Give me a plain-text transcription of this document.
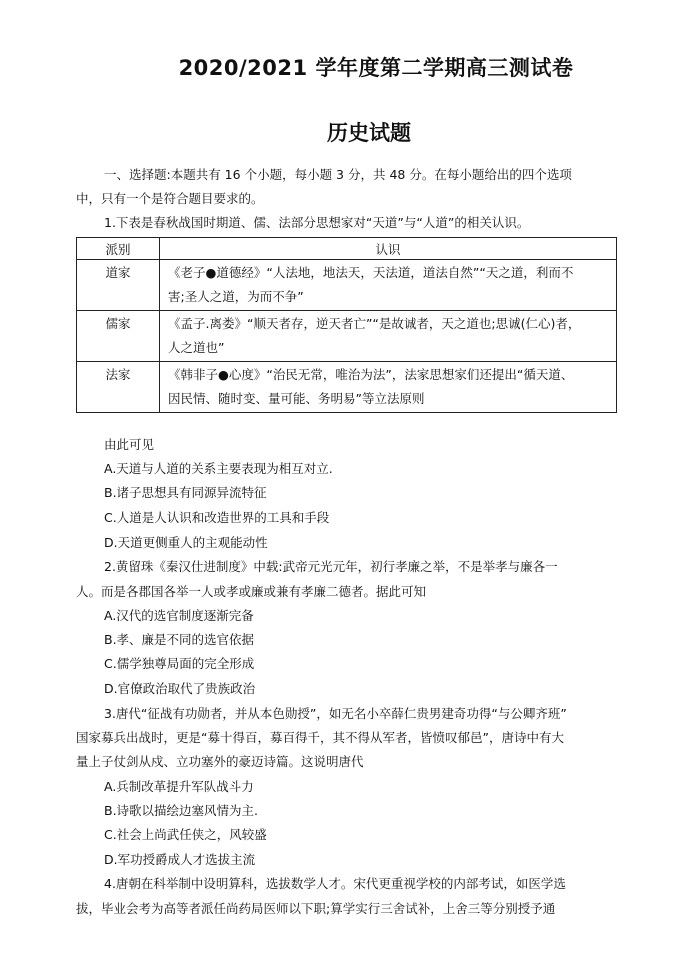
2020/2021 学年度第二学期高三测试卷
历史试题
一、选择题:本题共有 16 个小题，每小题 3 分，共 48 分。在每小题给出的四个选项
中，只有一个是符合题目要求的。
1.下表是春秋战国时期道、儒、法部分思想家对“天道”与“人道”的相关认识。
派别	认识
道家	《老子●道德经》“人法地，地法天，天法道，道法自然”“天之道，利而不
害;圣人之道，为而不争”

儒家	《孟子.离娄》“顺天者存，逆天者亡”“是故诚者，天之道也;思诚(仁心)者，
人之道也”

法家	《韩非子●心度》“治民无常，唯治为法”，法家思想家们还提出“循天道、
因民情、随时变、量可能、务明易”等立法原则
由此可见
A.天道与人道的关系主要表现为相互对立.
B.诸子思想具有同源异流特征
C.人道是人认识和改造世界的工具和手段
D.天道更侧重人的主观能动性
2.黄留珠《秦汉仕进制度》中载:武帝元光元年，初行孝廉之举，不是举孝与廉各一
人。而是各郡国各举一人或孝或廉或兼有孝廉二德者。据此可知
A.汉代的选官制度逐渐完备
B.孝、廉是不同的选官依据
C.儒学独尊局面的完全形成
D.官僚政治取代了贵族政治
3.唐代“征战有功勋者，并从本色勋授”，如无名小卒薛仁贵男建奇功得“与公卿齐班”
国家募兵出战时，更是“募十得百，募百得千，其不得从军者，皆愤叹郁邑”，唐诗中有大
量上子仗剑从戍、立功塞外的豪迈诗篇。这说明唐代
A.兵制改革提升军队战斗力
B.诗歌以描绘边塞风情为主.
C.社会上尚武任侠之，风较盛
D.军功授爵成人才选拔主流
4.唐朝在科举制中设明算科，选拔数学人才。宋代更重视学校的内部考试，如医学选
拔，毕业会考为高等者派任尚药局医师以下职;算学实行三舍试补，上舍三等分别授予通
